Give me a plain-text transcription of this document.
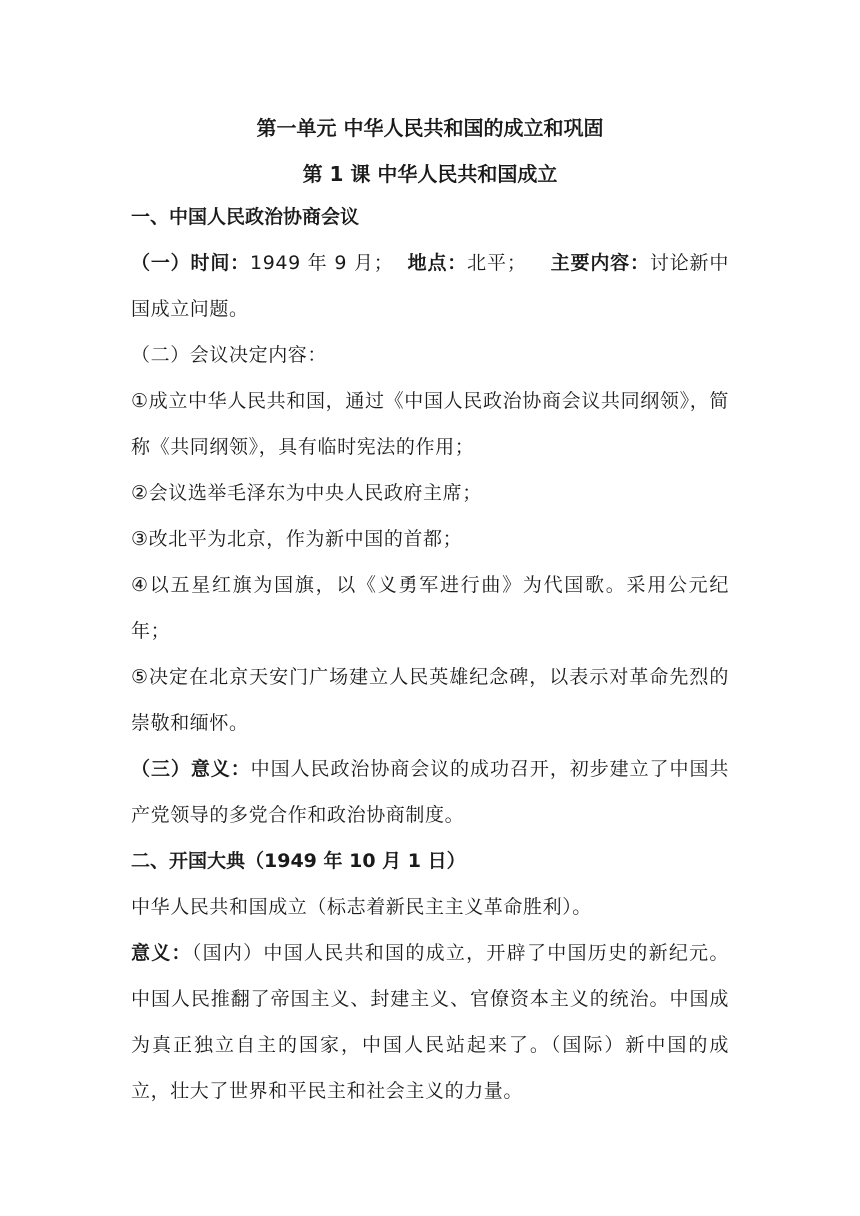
第一单元 中华人民共和国的成立和巩固
第 1 课 中华人民共和国成立
一、中国人民政治协商会议

（一）时间：1949 年 9 月； 地点：北平； 主要内容：讨论新中国成立问题。

（二）会议决定内容：

①成立中华人民共和国，通过《中国人民政治协商会议共同纲领》，简称《共同纲领》，具有临时宪法的作用；

②会议选举毛泽东为中央人民政府主席；

③改北平为北京，作为新中国的首都；

④以五星红旗为国旗，以《义勇军进行曲》为代国歌。采用公元纪年；

⑤决定在北京天安门广场建立人民英雄纪念碑，以表示对革命先烈的崇敬和缅怀。

（三）意义：中国人民政治协商会议的成功召开，初步建立了中国共产党领导的多党合作和政治协商制度。

二、开国大典（1949 年 10 月 1 日）

中华人民共和国成立（标志着新民主主义革命胜利）。

意义：（国内）中国人民共和国的成立，开辟了中国历史的新纪元。中国人民推翻了帝国主义、封建主义、官僚资本主义的统治。中国成为真正独立自主的国家，中国人民站起来了。（国际）新中国的成立，壮大了世界和平民主和社会主义的力量。
